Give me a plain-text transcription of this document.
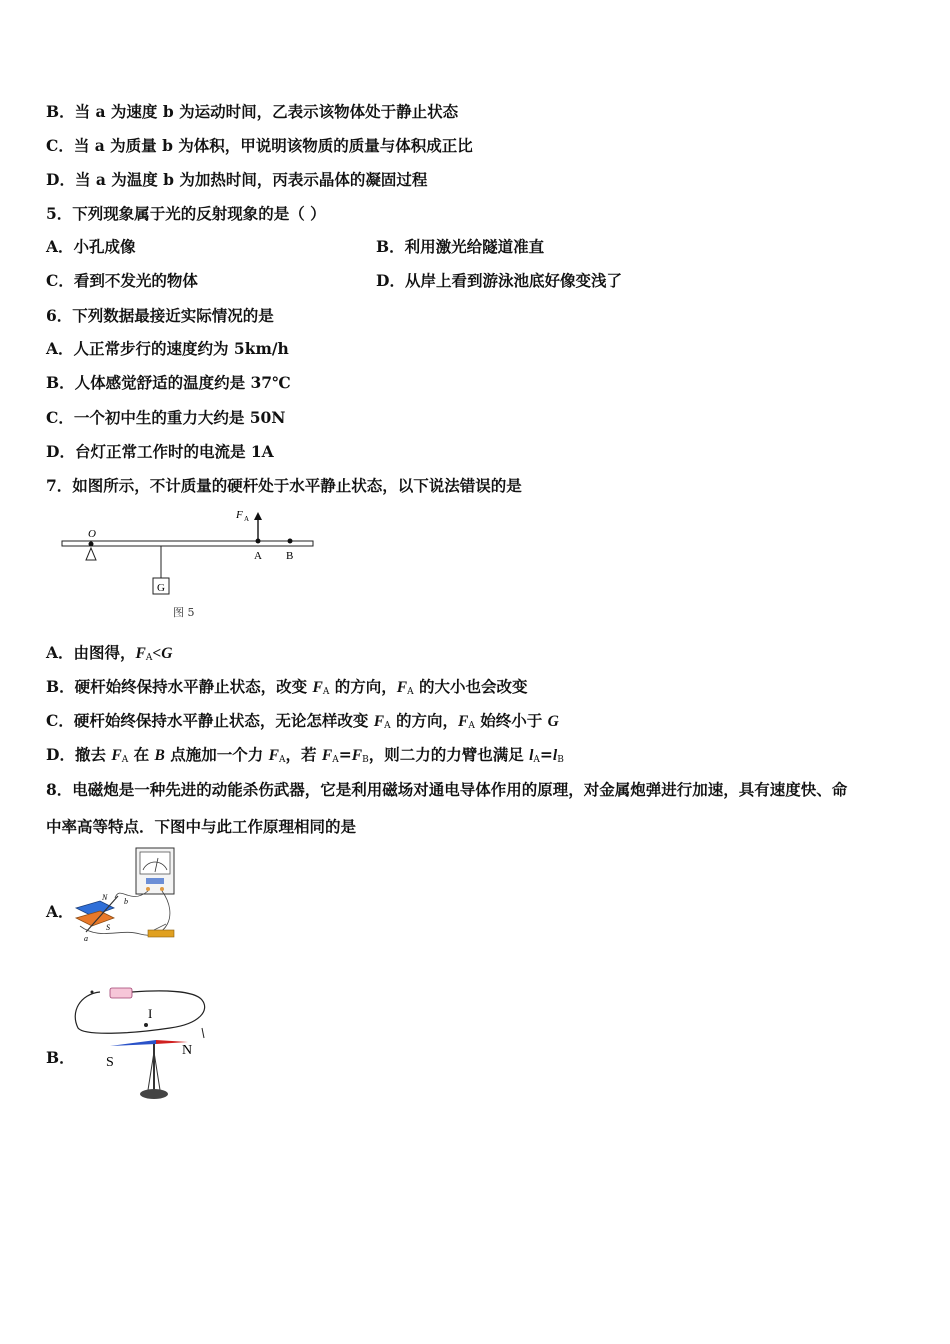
B．当 a 为速度 b 为运动时间，乙表示该物体处于静止状态
C．当 a 为质量 b 为体积，甲说明该物质的质量与体积成正比
D．当 a 为温度 b 为加热时间，丙表示晶体的凝固过程
5．下列现象属于光的反射现象的是（ ）
A．小孔成像	B．利用激光给隧道准直
C．看到不发光的物体	D．从岸上看到游泳池底好像变浅了
6．下列数据最接近实际情况的是
A．人正常步行的速度约为 5km/h
B．人体感觉舒适的温度约是 37℃
C．一个初中生的重力大约是 50N
D．台灯正常工作时的电流是 1A
7．如图所示，不计质量的硬杆处于水平静止状态，以下说法错误的是
O
G
F A
A B
图 5
A．由图得，$F_A<G$
B．硬杆始终保持水平静止状态，改变 $F_A$ 的方向，$F_A$ 的大小也会改变
C．硬杆始终保持水平静止状态，无论怎样改变 $F_A$ 的方向，$F_A$ 始终小于 G
D．撤去 $F_A$ 在 B 点施加一个力 $F_A$，若 $F_A=F_B$，则二力的力臂也满足 $l_A=l_B$
8．电磁炮是一种先进的动能杀伤武器，它是利用磁场对通电导体作用的原理，对金属炮弹进行加速，具有速度快、命
中率高等特点．下图中与此工作原理相同的是
A．
N
S
a
b
B．
I
S
N
